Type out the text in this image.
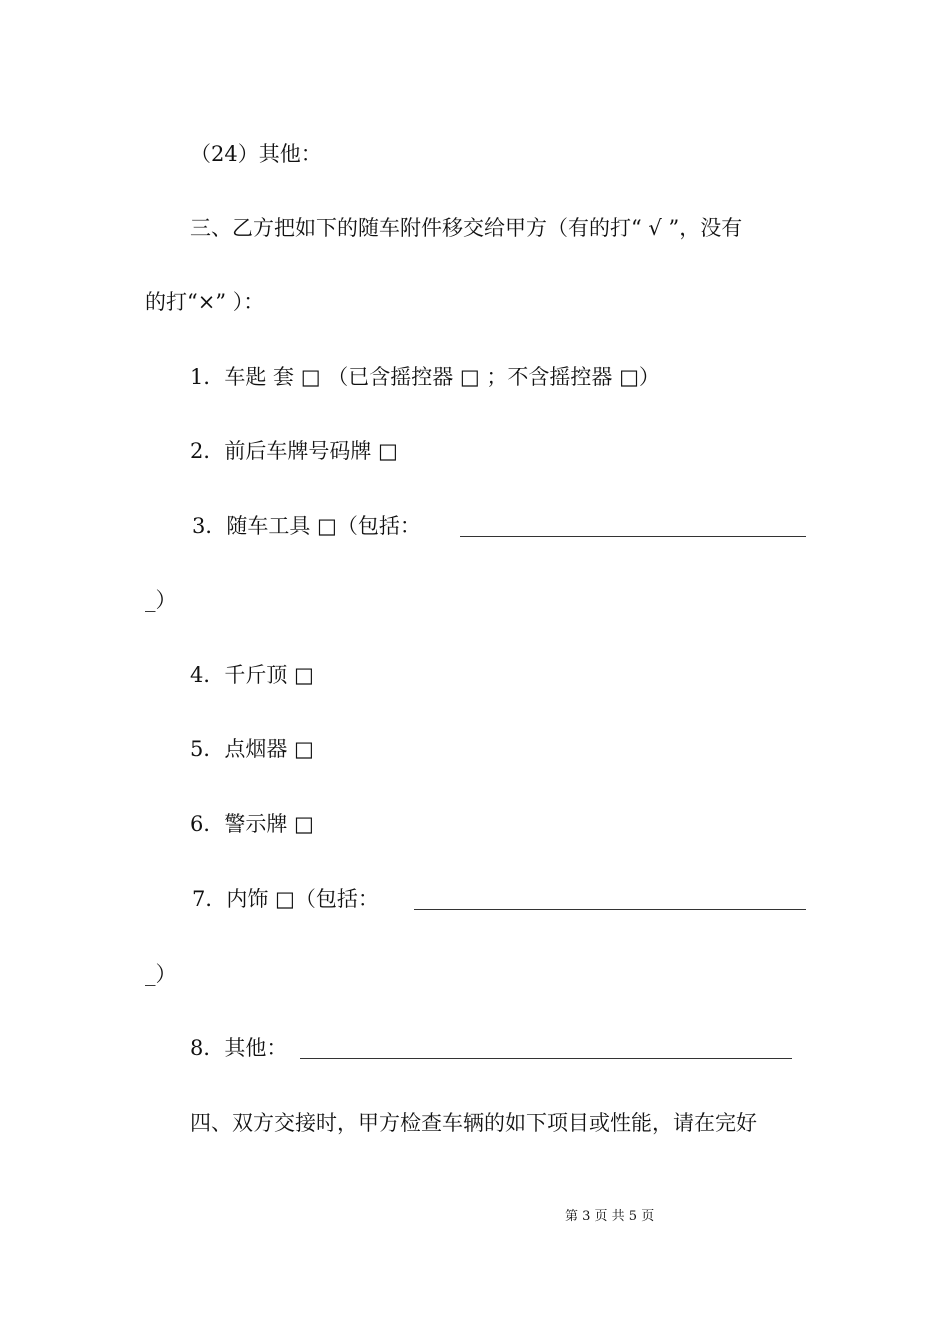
（24）其他：
三、乙方把如下的随车附件移交给甲方（有的打“ √ ”，没有
的打“×” ）：
1．车匙 套 □ （已含摇控器 □ ；不含摇控器 □）
2．前后车牌号码牌 □
3．随车工具 □（包括：
_）
4．千斤顶 □
5．点烟器 □
6．警示牌 □
7．内饰 □（包括：
_）
8．其他：
四、双方交接时，甲方检查车辆的如下项目或性能，请在完好
第 3 页 共 5 页
